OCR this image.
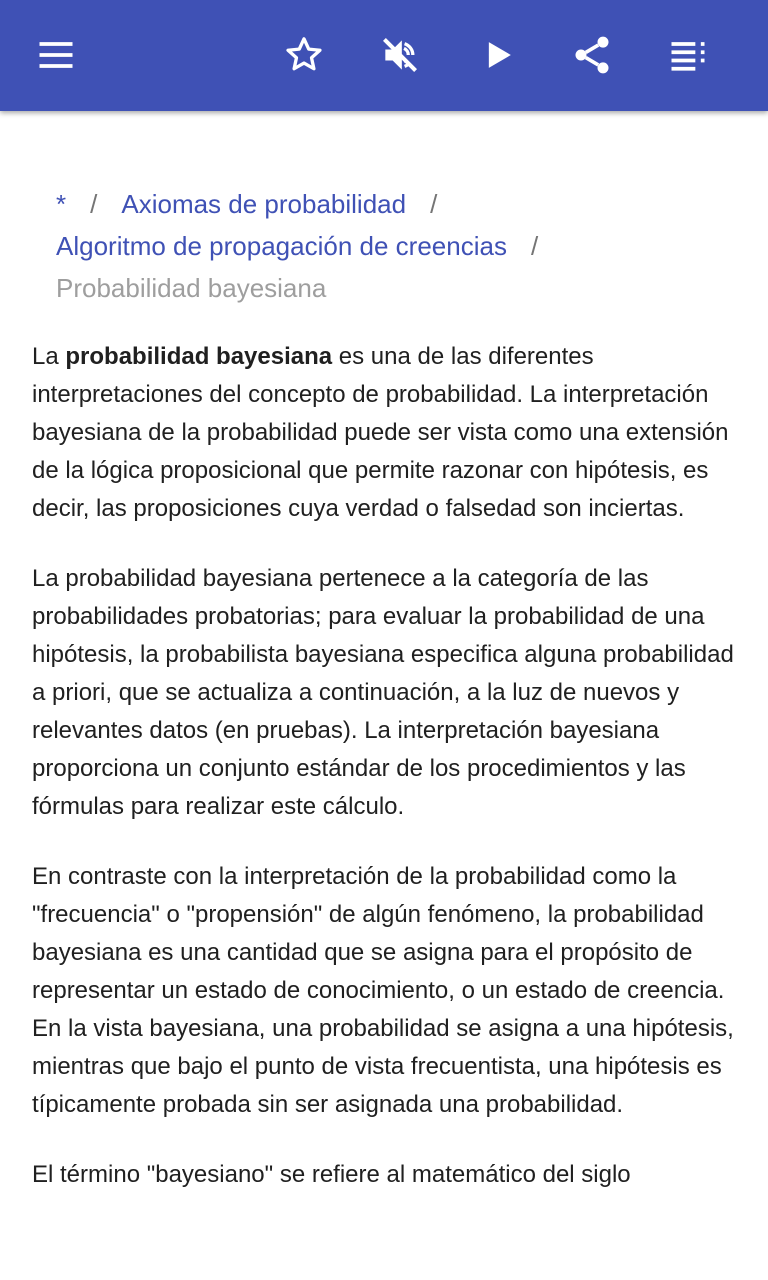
* / Axiomas de probabilidad /
Algoritmo de propagación de creencias /
Probabilidad bayesiana

La probabilidad bayesiana es una de las diferentes interpretaciones del concepto de probabilidad. La interpretación bayesiana de la probabilidad puede ser vista como una extensión de la lógica proposicional que permite razonar con hipótesis, es decir, las proposiciones cuya verdad o falsedad son inciertas.

La probabilidad bayesiana pertenece a la categoría de las probabilidades probatorias; para evaluar la probabilidad de una hipótesis, la probabilista bayesiana especifica alguna probabilidad a priori, que se actualiza a continuación, a la luz de nuevos y relevantes datos (en pruebas). La interpretación bayesiana proporciona un conjunto estándar de los procedimientos y las fórmulas para realizar este cálculo.

En contraste con la interpretación de la probabilidad como la "frecuencia" o "propensión" de algún fenómeno, la probabilidad bayesiana es una cantidad que se asigna para el propósito de representar un estado de conocimiento, o un estado de creencia. En la vista bayesiana, una probabilidad se asigna a una hipótesis, mientras que bajo el punto de vista frecuentista, una hipótesis es típicamente probada sin ser asignada una probabilidad.

El término "bayesiano" se refiere al matemático del siglo
